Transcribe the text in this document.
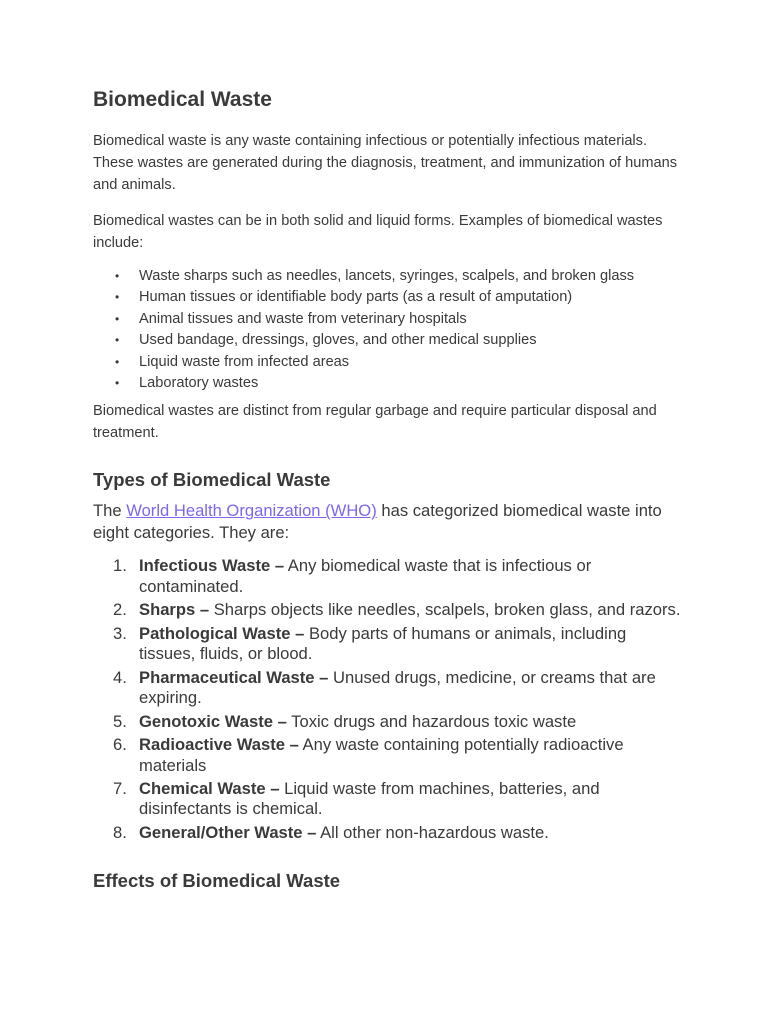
Biomedical Waste

Biomedical waste is any waste containing infectious or potentially infectious materials. These wastes are generated during the diagnosis, treatment, and immunization of humans and animals.

Biomedical wastes can be in both solid and liquid forms. Examples of biomedical wastes include:

• Waste sharps such as needles, lancets, syringes, scalpels, and broken glass
• Human tissues or identifiable body parts (as a result of amputation)
• Animal tissues and waste from veterinary hospitals
• Used bandage, dressings, gloves, and other medical supplies
• Liquid waste from infected areas
• Laboratory wastes

Biomedical wastes are distinct from regular garbage and require particular disposal and treatment.

Types of Biomedical Waste

The World Health Organization (WHO) has categorized biomedical waste into eight categories. They are:

1. Infectious Waste – Any biomedical waste that is infectious or contaminated.
2. Sharps – Sharps objects like needles, scalpels, broken glass, and razors.
3. Pathological Waste – Body parts of humans or animals, including tissues, fluids, or blood.
4. Pharmaceutical Waste – Unused drugs, medicine, or creams that are expiring.
5. Genotoxic Waste – Toxic drugs and hazardous toxic waste
6. Radioactive Waste – Any waste containing potentially radioactive materials
7. Chemical Waste – Liquid waste from machines, batteries, and disinfectants is chemical.
8. General/Other Waste – All other non-hazardous waste.
Effects of Biomedical Waste
